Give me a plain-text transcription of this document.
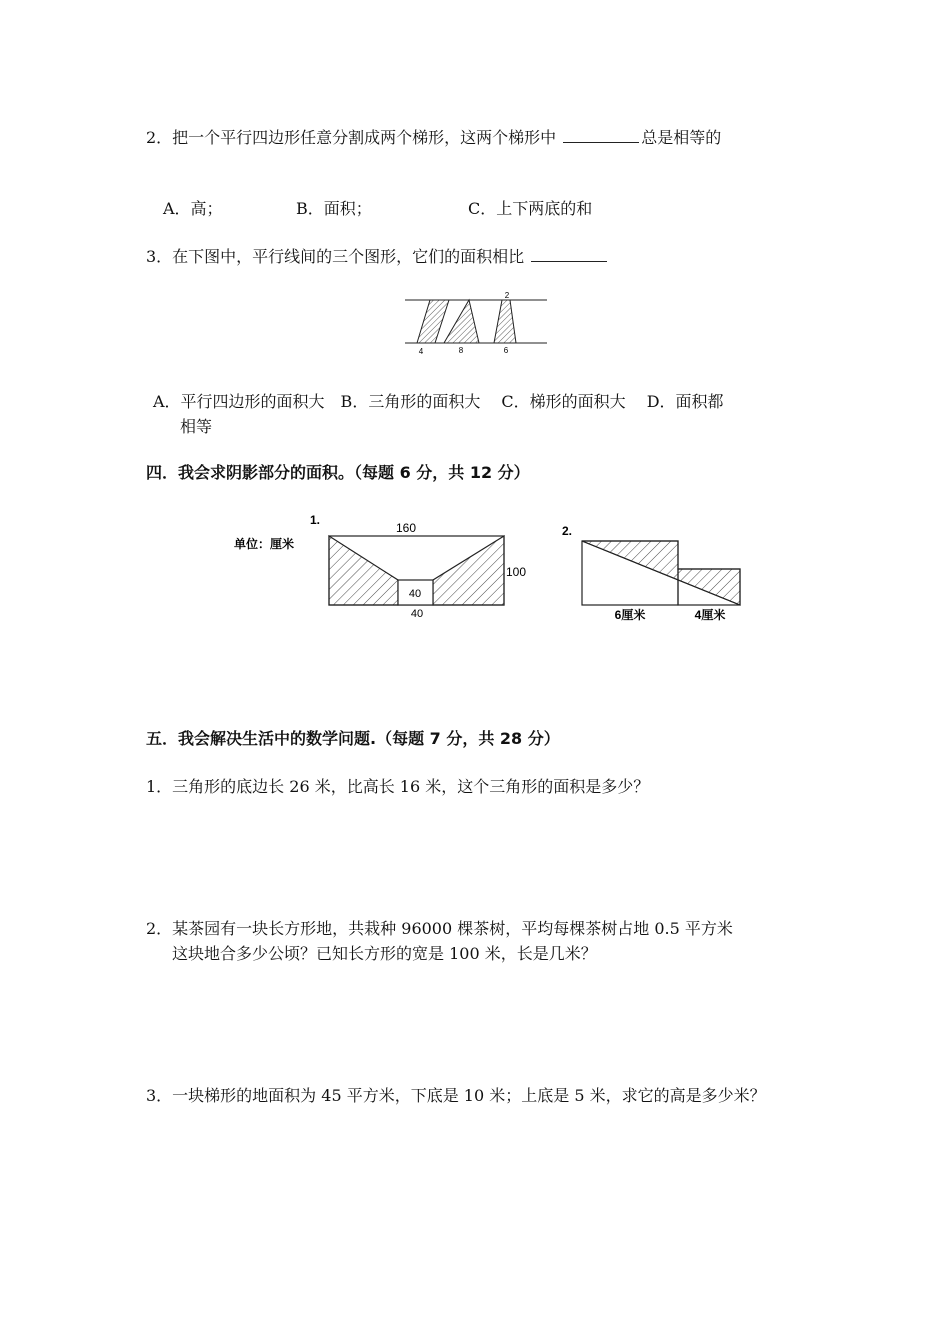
2．把一个平行四边形任意分割成两个梯形，这两个梯形中	总是相等的
A．高；	B．面积；	C．上下两底的和
3．在下图中，平行线间的三个图形，它们的面积相比
2
4	8	6
A．平行四边形的面积大　B．三角形的面积大　 C．梯形的面积大　 D．面积都
相等
四．我会求阴影部分的面积。（每题 6 分，共 12 分）
1.
单位：厘米
160
100
40
40
2.
6厘米	4厘米
五．我会解决生活中的数学问题.（每题 7 分，共 28 分）
1．三角形的底边长 26 米，比高长 16 米，这个三角形的面积是多少？
2．某茶园有一块长方形地，共栽种 96000 棵茶树，平均每棵茶树占地 0.5 平方米
这块地合多少公顷？已知长方形的宽是 100 米，长是几米？
3．一块梯形的地面积为 45 平方米，下底是 10 米；上底是 5 米，求它的高是多少米？
